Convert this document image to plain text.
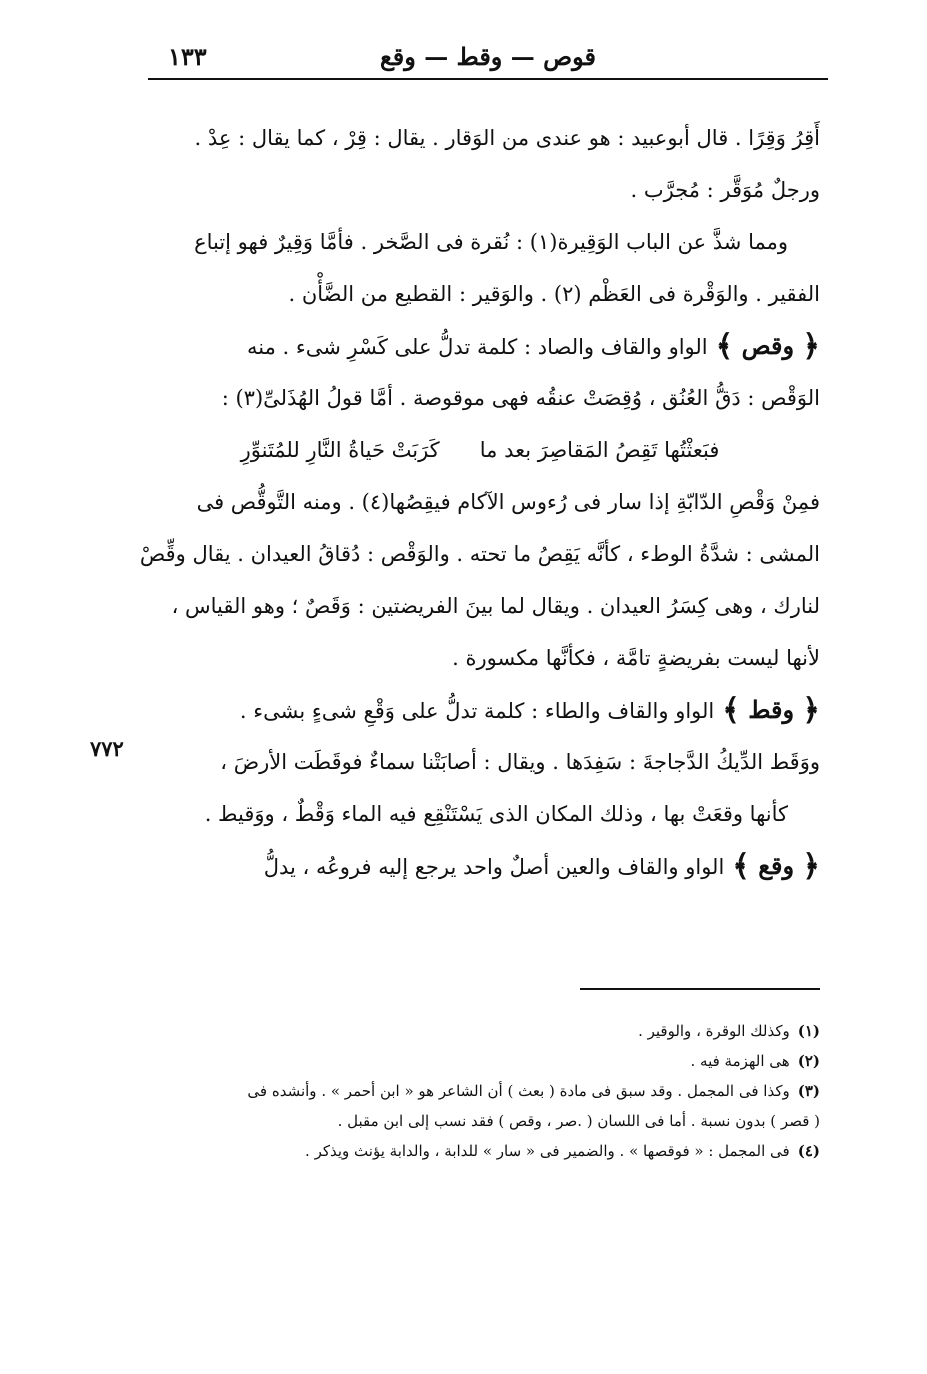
١٣٣	قوص — وقط — وقع
أَقِرُ وَقِرًا . قال أبوعبيد : هو عندى من الوَقار . يقال : قِرْ ، كما يقال : عِدْ .
ورجلٌ مُوَقَّر : مُجرَّب .
ومما شذَّ عن الباب الوَقِيرة(١) : نُقرة فى الصَّخر . فأمَّا وَقِيرٌ فهو إتباع
الفقير . والوَقْرة فى العَظْم (٢) . والوَقير : القطيع من الضَّأْن .
﴿ وقص ﴾الواو والقاف والصاد : كلمة تدلُّ على كَسْرِ شىء . منه
الوَقْص : دَقُّ العُنُق ، وُقِصَتْ عنقُه فهى موقوصة . أمَّا قولُ الهُذَلىِّ(٣) :
فبَعثْتُها تَقِصُ المَقاصِرَ بعد ما      كَرَبَتْ حَياةُ النَّارِ للمُتَنوِّرِ
فمِنْ وَقْصِ الدّابّةِ إذا سار فى رُءوس الآكام فيقِصُها(٤) . ومنه التَّوقُّص فى
المشى : شدَّةُ الوطء ، كأنَّه يَقِصُ ما تحته . والوَقْص : دُقاقُ العيدان . يقال وقِّصْ
لنارك ، وهى كِسَرُ العيدان . ويقال لما بينَ الفريضتين : وَقَصٌ ؛ وهو القياس ،
لأنها ليست بفريضةٍ تامَّة ، فكأنَّها مكسورة .
﴿ وقط ﴾الواو والقاف والطاء : كلمة تدلُّ على وَقْعِ شىءٍ بشىء .
ووَقَط الدِّيكُ الدَّجاجةَ : سَفِدَها . ويقال : أصابَتْنا سماءٌ فوقَطَت الأرضَ ،
كأنها وقعَتْ بها ، وذلك المكان الذى يَسْتَنْقِع فيه الماء وَقْطٌ ، ووَقيط .
﴿ وقع ﴾الواو والقاف والعين أصلٌ واحد يرجع إليه فروعُه ، يدلُّ
٧٧٢
(١)وكذلك الوقرة ، والوقير .
(٢)هى الهزمة فيه .
(٣)وكذا فى المجمل . وقد سبق فى مادة ( بعث ) أن الشاعر هو « ابن أحمر » . وأنشده فى
( قصر ) بدون نسبة . أما فى اللسان ( .صر ، وقص ) فقد نسب إلى ابن مقبل .
(٤)فى المجمل : « فوقصها » . والضمير فى « سار » للدابة ، والدابة يؤنث ويذكر .
